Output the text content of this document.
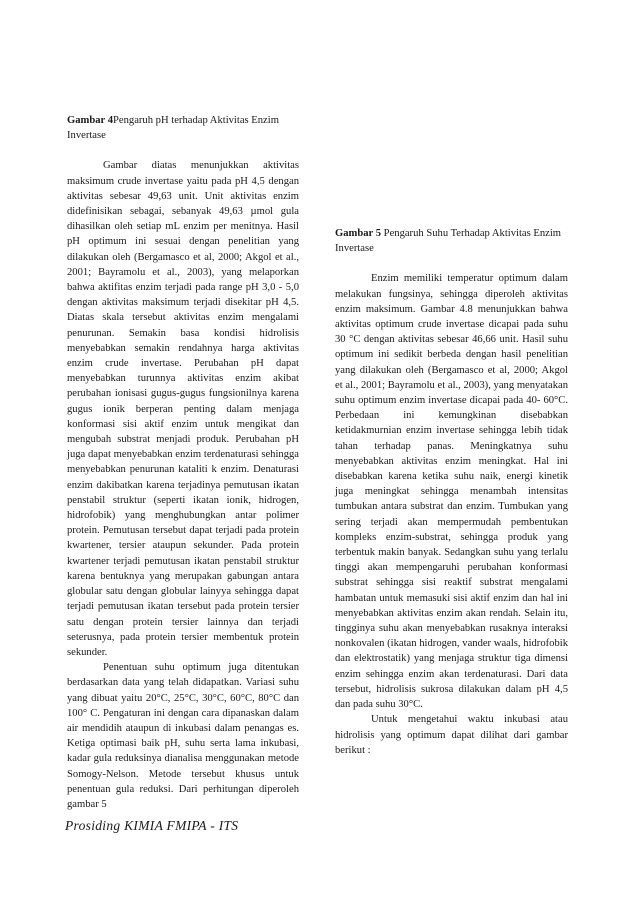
Gambar 4Pengaruh pH terhadap Aktivitas Enzim Invertase

Gambar diatas menunjukkan aktivitas maksimum crude invertase yaitu pada pH 4,5 dengan aktivitas sebesar 49,63 unit. Unit aktivitas enzim didefinisikan sebagai, sebanyak 49,63 µmol gula dihasilkan oleh setiap mL enzim per menitnya. Hasil pH optimum ini sesuai dengan penelitian yang dilakukan oleh (Bergamasco et al, 2000; Akgol et al., 2001; Bayramolu et al., 2003), yang melaporkan bahwa aktifitas enzim terjadi pada range pH 3,0 - 5,0 dengan aktivitas maksimum terjadi disekitar pH 4,5. Diatas skala tersebut aktivitas enzim mengalami penurunan. Semakin basa kondisi hidrolisis menyebabkan semakin rendahnya harga aktivitas enzim crude invertase. Perubahan pH dapat menyebabkan turunnya aktivitas enzim akibat perubahan ionisasi gugus-gugus fungsionilnya karena gugus ionik berperan penting dalam menjaga konformasi sisi aktif enzim untuk mengikat dan mengubah substrat menjadi produk. Perubahan pH juga dapat menyebabkan enzim terdenaturasi sehingga menyebabkan penurunan kataliti k enzim. Denaturasi enzim dakibatkan karena terjadinya pemutusan ikatan penstabil struktur (seperti ikatan ionik, hidrogen, hidrofobik) yang menghubungkan antar polimer protein. Pemutusan tersebut dapat terjadi pada protein kwartener, tersier ataupun sekunder. Pada protein kwartener terjadi pemutusan ikatan penstabil struktur karena bentuknya yang merupakan gabungan antara globular satu dengan globular lainyya sehingga dapat terjadi pemutusan ikatan tersebut pada protein tersier satu dengan protein tersier lainnya dan terjadi seterusnya, pada protein tersier membentuk protein sekunder.

Penentuan suhu optimum juga ditentukan berdasarkan data yang telah didapatkan. Variasi suhu yang dibuat yaitu 20°C, 25°C, 30°C, 60°C, 80°C dan 100° C. Pengaturan ini dengan cara dipanaskan dalam air mendidih ataupun di inkubasi dalam penangas es. Ketiga optimasi baik pH, suhu serta lama inkubasi, kadar gula reduksinya dianalisa menggunakan metode Somogy-Nelson. Metode tersebut khusus untuk penentuan gula reduksi. Dari perhitungan diperoleh gambar 5

Gambar 5 Pengaruh Suhu Terhadap Aktivitas Enzim Invertase

Enzim memiliki temperatur optimum dalam melakukan fungsinya, sehingga diperoleh aktivitas enzim maksimum. Gambar 4.8 menunjukkan bahwa aktivitas optimum crude invertase dicapai pada suhu 30 °C dengan aktivitas sebesar 46,66 unit. Hasil suhu optimum ini sedikit berbeda dengan hasil penelitian yang dilakukan oleh (Bergamasco et al, 2000; Akgol et al., 2001; Bayramolu et al., 2003), yang menyatakan suhu optimum enzim invertase dicapai pada 40- 60°C. Perbedaan ini kemungkinan disebabkan ketidakmurnian enzim invertase sehingga lebih tidak tahan terhadap panas. Meningkatnya suhu menyebabkan aktivitas enzim meningkat. Hal ini disebabkan karena ketika suhu naik, energi kinetik juga meningkat sehingga menambah intensitas tumbukan antara substrat dan enzim. Tumbukan yang sering terjadi akan mempermudah pembentukan kompleks enzim-substrat, sehingga produk yang terbentuk makin banyak. Sedangkan suhu yang terlalu tinggi akan mempengaruhi perubahan konformasi substrat sehingga sisi reaktif substrat mengalami hambatan untuk memasuki sisi aktif enzim dan hal ini menyebabkan aktivitas enzim akan rendah. Selain itu, tingginya suhu akan menyebabkan rusaknya interaksi nonkovalen (ikatan hidrogen, vander waals, hidrofobik dan elektrostatik) yang menjaga struktur tiga dimensi enzim sehingga enzim akan terdenaturasi. Dari data tersebut, hidrolisis sukrosa dilakukan dalam pH 4,5 dan pada suhu 30°C.

Untuk mengetahui waktu inkubasi atau hidrolisis yang optimum dapat dilihat dari gambar berikut :

Prosiding KIMIA FMIPA - ITS
